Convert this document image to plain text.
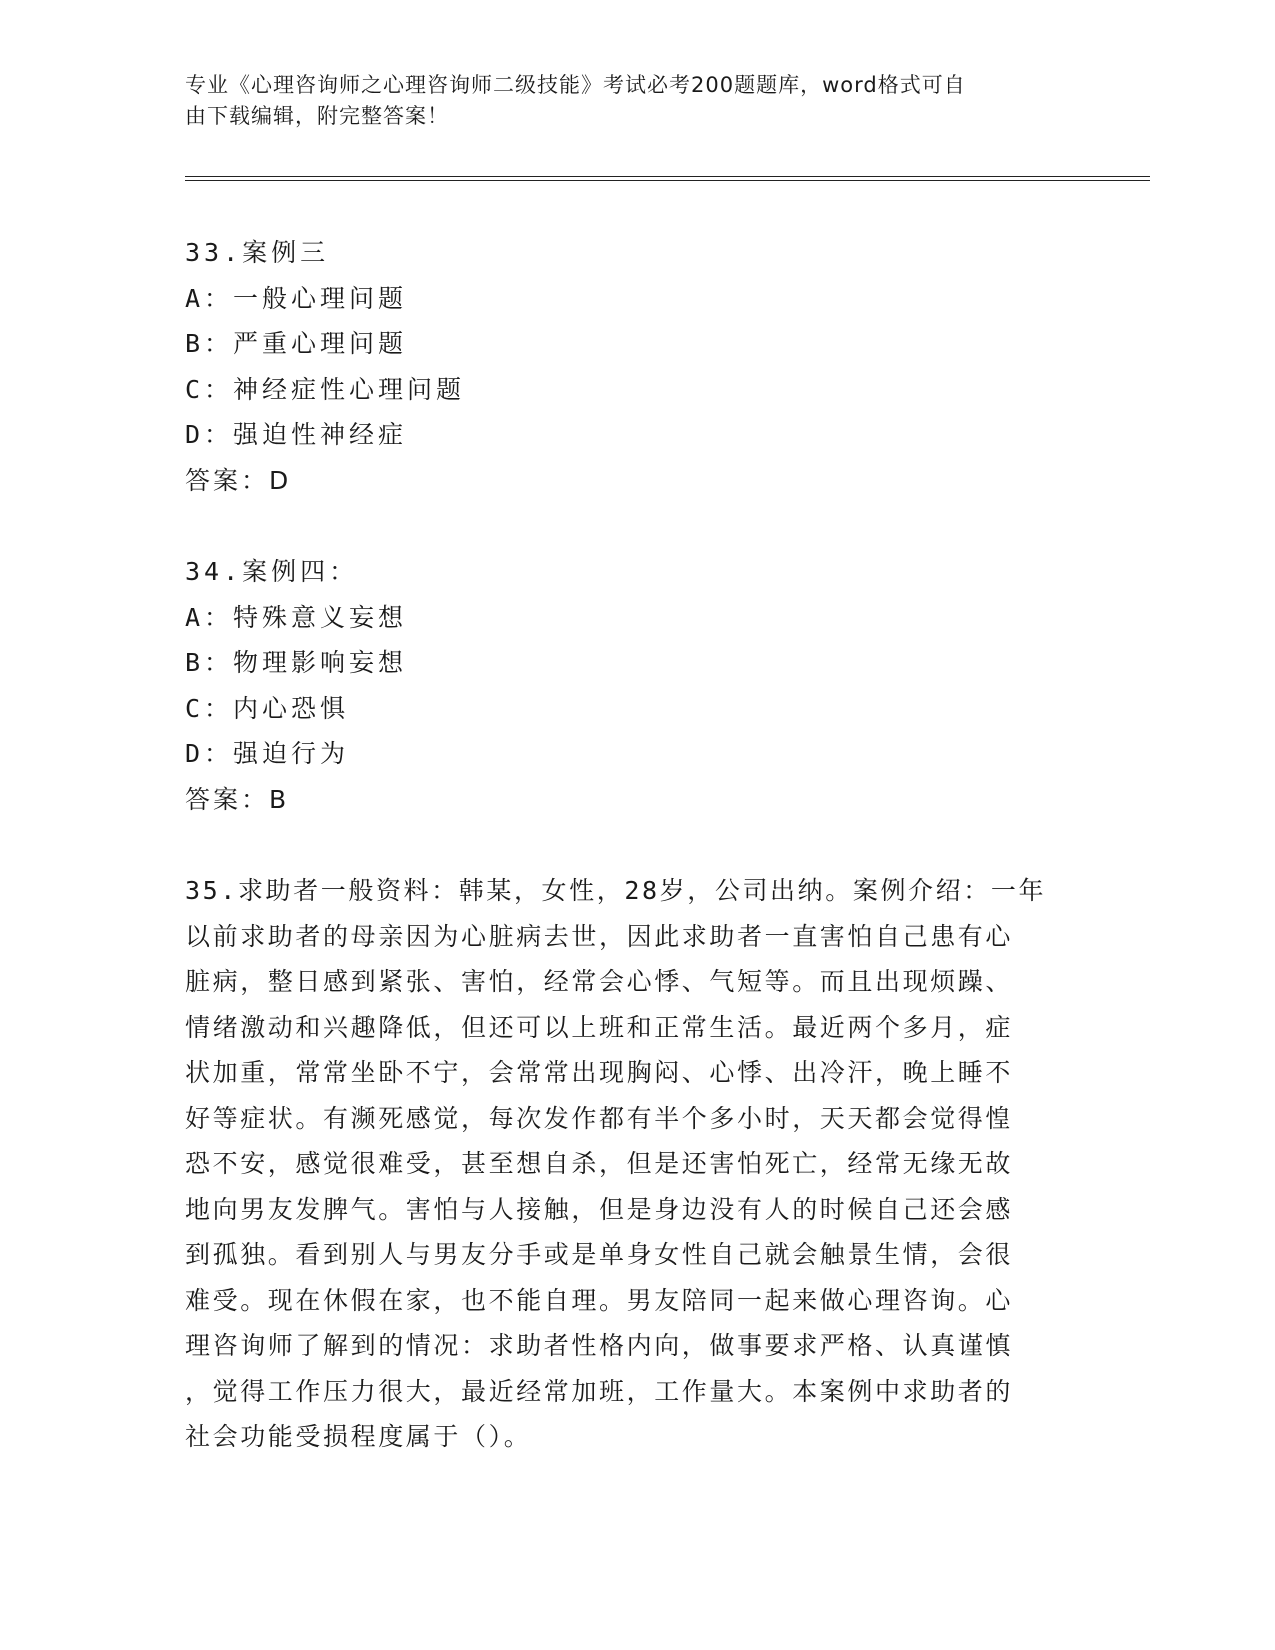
专业《心理咨询师之心理咨询师二级技能》考试必考200题题库，word格式可自
由下载编辑，附完整答案！
33.案例三
A：一般心理问题
B：严重心理问题
C：神经症性心理问题
D：强迫性神经症
答案：D
34.案例四：
A：特殊意义妄想
B：物理影响妄想
C：内心恐惧
D：强迫行为
答案：B
35.求助者一般资料：韩某，女性，28岁，公司出纳。案例介绍：一年
以前求助者的母亲因为心脏病去世，因此求助者一直害怕自己患有心
脏病，整日感到紧张、害怕，经常会心悸、气短等。而且出现烦躁、
情绪激动和兴趣降低，但还可以上班和正常生活。最近两个多月，症
状加重，常常坐卧不宁，会常常出现胸闷、心悸、出冷汗，晚上睡不
好等症状。有濒死感觉，每次发作都有半个多小时，天天都会觉得惶
恐不安，感觉很难受，甚至想自杀，但是还害怕死亡，经常无缘无故
地向男友发脾气。害怕与人接触，但是身边没有人的时候自己还会感
到孤独。看到别人与男友分手或是单身女性自己就会触景生情，会很
难受。现在休假在家，也不能自理。男友陪同一起来做心理咨询。心
理咨询师了解到的情况：求助者性格内向，做事要求严格、认真谨慎
，觉得工作压力很大，最近经常加班，工作量大。本案例中求助者的
社会功能受损程度属于（）。
